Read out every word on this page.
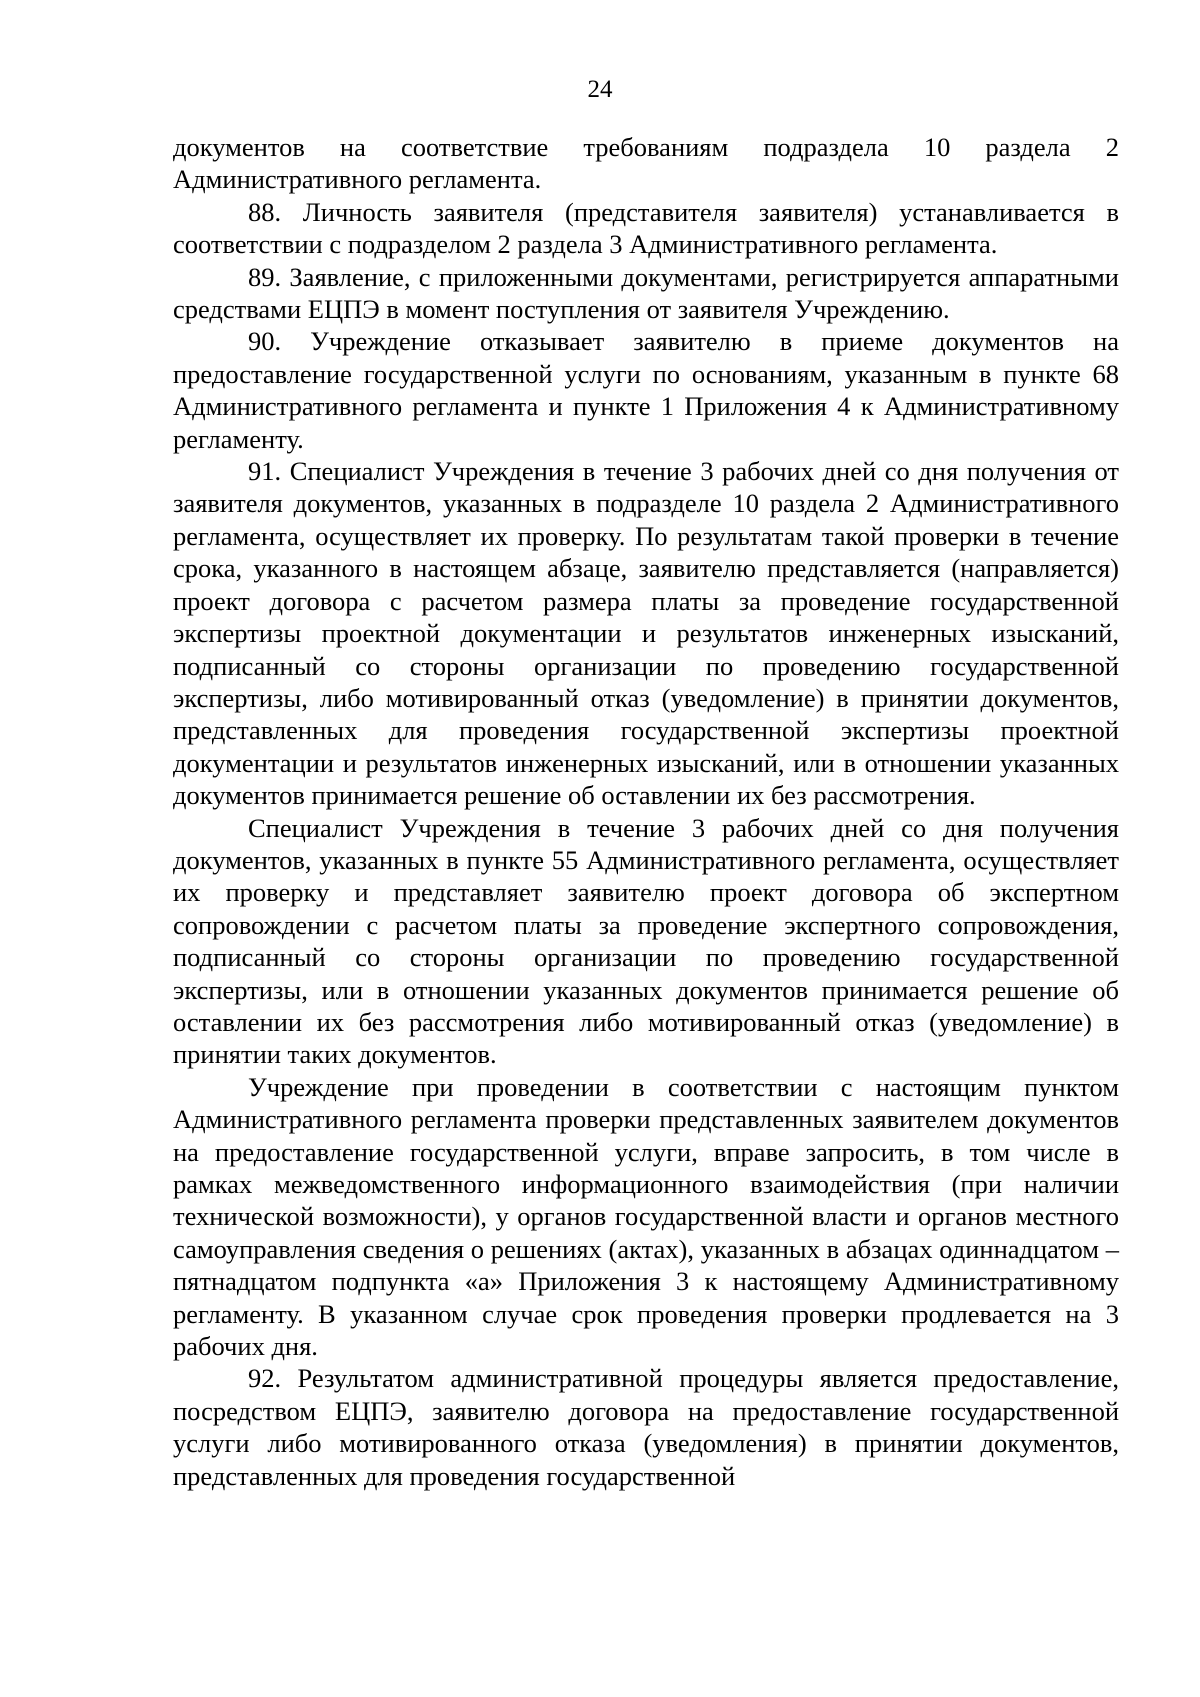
24

документов на соответствие требованиям подраздела 10 раздела 2 Административного регламента.

88. Личность заявителя (представителя заявителя) устанавливается в соответствии с подразделом 2 раздела 3 Административного регламента.

89. Заявление, с приложенными документами, регистрируется аппаратными средствами ЕЦПЭ в момент поступления от заявителя Учреждению.

90. Учреждение отказывает заявителю в приеме документов на предоставление государственной услуги по основаниям, указанным в пункте 68 Административного регламента и пункте 1 Приложения 4 к Административному регламенту.

91. Специалист Учреждения в течение 3 рабочих дней со дня получения от заявителя документов, указанных в подразделе 10 раздела 2 Административного регламента, осуществляет их проверку. По результатам такой проверки в течение срока, указанного в настоящем абзаце, заявителю представляется (направляется) проект договора с расчетом размера платы за проведение государственной экспертизы проектной документации и результатов инженерных изысканий, подписанный со стороны организации по проведению государственной экспертизы, либо мотивированный отказ (уведомление) в принятии документов, представленных для проведения государственной экспертизы проектной документации и результатов инженерных изысканий, или в отношении указанных документов принимается решение об оставлении их без рассмотрения.

Специалист Учреждения в течение 3 рабочих дней со дня получения документов, указанных в пункте 55 Административного регламента, осуществляет их проверку и представляет заявителю проект договора об экспертном сопровождении с расчетом платы за проведение экспертного сопровождения, подписанный со стороны организации по проведению государственной экспертизы, или в отношении указанных документов принимается решение об оставлении их без рассмотрения либо мотивированный отказ (уведомление) в принятии таких документов.

Учреждение при проведении в соответствии с настоящим пунктом Административного регламента проверки представленных заявителем документов на предоставление государственной услуги, вправе запросить, в том числе в рамках межведомственного информационного взаимодействия (при наличии технической возможности), у органов государственной власти и органов местного самоуправления сведения о решениях (актах), указанных в абзацах одиннадцатом – пятнадцатом подпункта «а» Приложения 3 к настоящему Административному регламенту. В указанном случае срок проведения проверки продлевается на 3 рабочих дня.

92. Результатом административной процедуры является предоставление, посредством ЕЦПЭ, заявителю договора на предоставление государственной услуги либо мотивированного отказа (уведомления) в принятии документов, представленных для проведения государственной
